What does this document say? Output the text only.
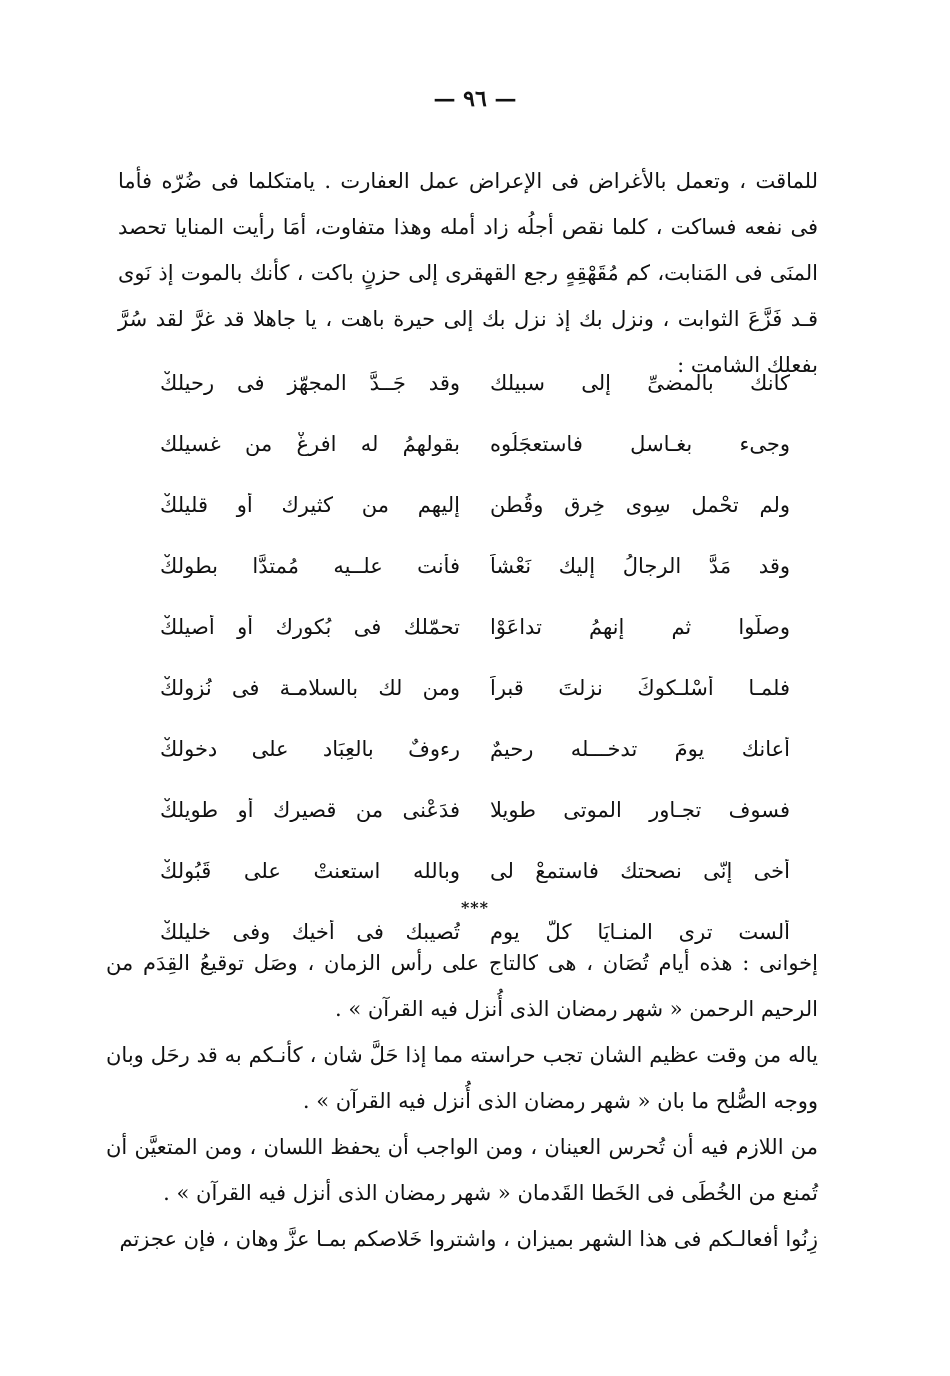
— ٩٦ —

للماقت ، وتعمل بالأغراض فى الإعراض عمل العفارت . يامتكلما فى ضُرّه فأما فى نفعه فساكت ، كلما نقص أجلُه زاد أمله وهذا متفاوت، أمَا رأيت المنايا تحصد المنَى فى المَنابت، كم مُقَهْقِهٍ رجع القهقرى إلى حزنٍ باكت ، كأنك بالموت إذ نَوى قـد فَزَّعَ الثوابت ، ونزل بك إذ نزل بك إلى حيرة باهت ، يا جاهلا قد غرَّ لقد سُرَّ بفعلك الشامت :

كأنك بالمضىِّ إلى سبيلك
وقد جَــدَّ المجهّز فى رحيلكْ
وجىء بغـاسلٍ فاستعجَلُوه
بقولهمُ له افرغْ من غسيلك
ولم تحْمل سِوى خِرق وقُطن
إليهم من كثيرك أو قليلكْ
وقد مَدَّ الرجالُ إليك نَعْشاً
فأنت علــيه مُمتدًّا بطولكْ
وصلّوا ثم إنهمُ تداعَوْا
تحمّلك فى بُكورك أو أصيلكْ
فلمـا أسْلـكوكَ نزلتَ قبراً
ومن لك بالسلامـة فى نُزولكْ
أعانك يومَ تدخـــله رحيمٌ
رءوفٌ بالعِبَاد على دخولكْ
فسوف تجـاور الموتى طويلا
فدَعْنى من قصيرك أو طويلكْ
أخى إنّى نصحتك فاستمعْ لى
وبالله استعنتْ على قَبُولكْ
ألست ترى المنـايَا كلَّ يوم
تُصيبك فى أخيك وفى خليلكْ
***

إخوانى : هذه أيام تُصَان ، هى كالتاج على رأس الزمان ، وصَل توقيعُ القِدَم من الرحيم الرحمن « شهر رمضان الذى أُنزل فيه القرآن » .

ياله من وقت عظيم الشان تجب حراسته مما إذا حَلَّ شان ، كأنـكم به قد رحَل وبان ووجه الصُّلح ما بان « شهر رمضان الذى أُنزل فيه القرآن » .

من اللازم فيه أن تُحرس العينان ، ومن الواجب أن يحفظ اللسان ، ومن المتعيَّن أن تُمنع من الخُطَى فى الخَطا القَدمان « شهر رمضان الذى أنزل فيه القرآن » .

زِنُوا أفعالـكم فى هذا الشهر بميزان ، واشتروا خَلاصكم بمـا عزَّ وهان ، فإن عجزتم
